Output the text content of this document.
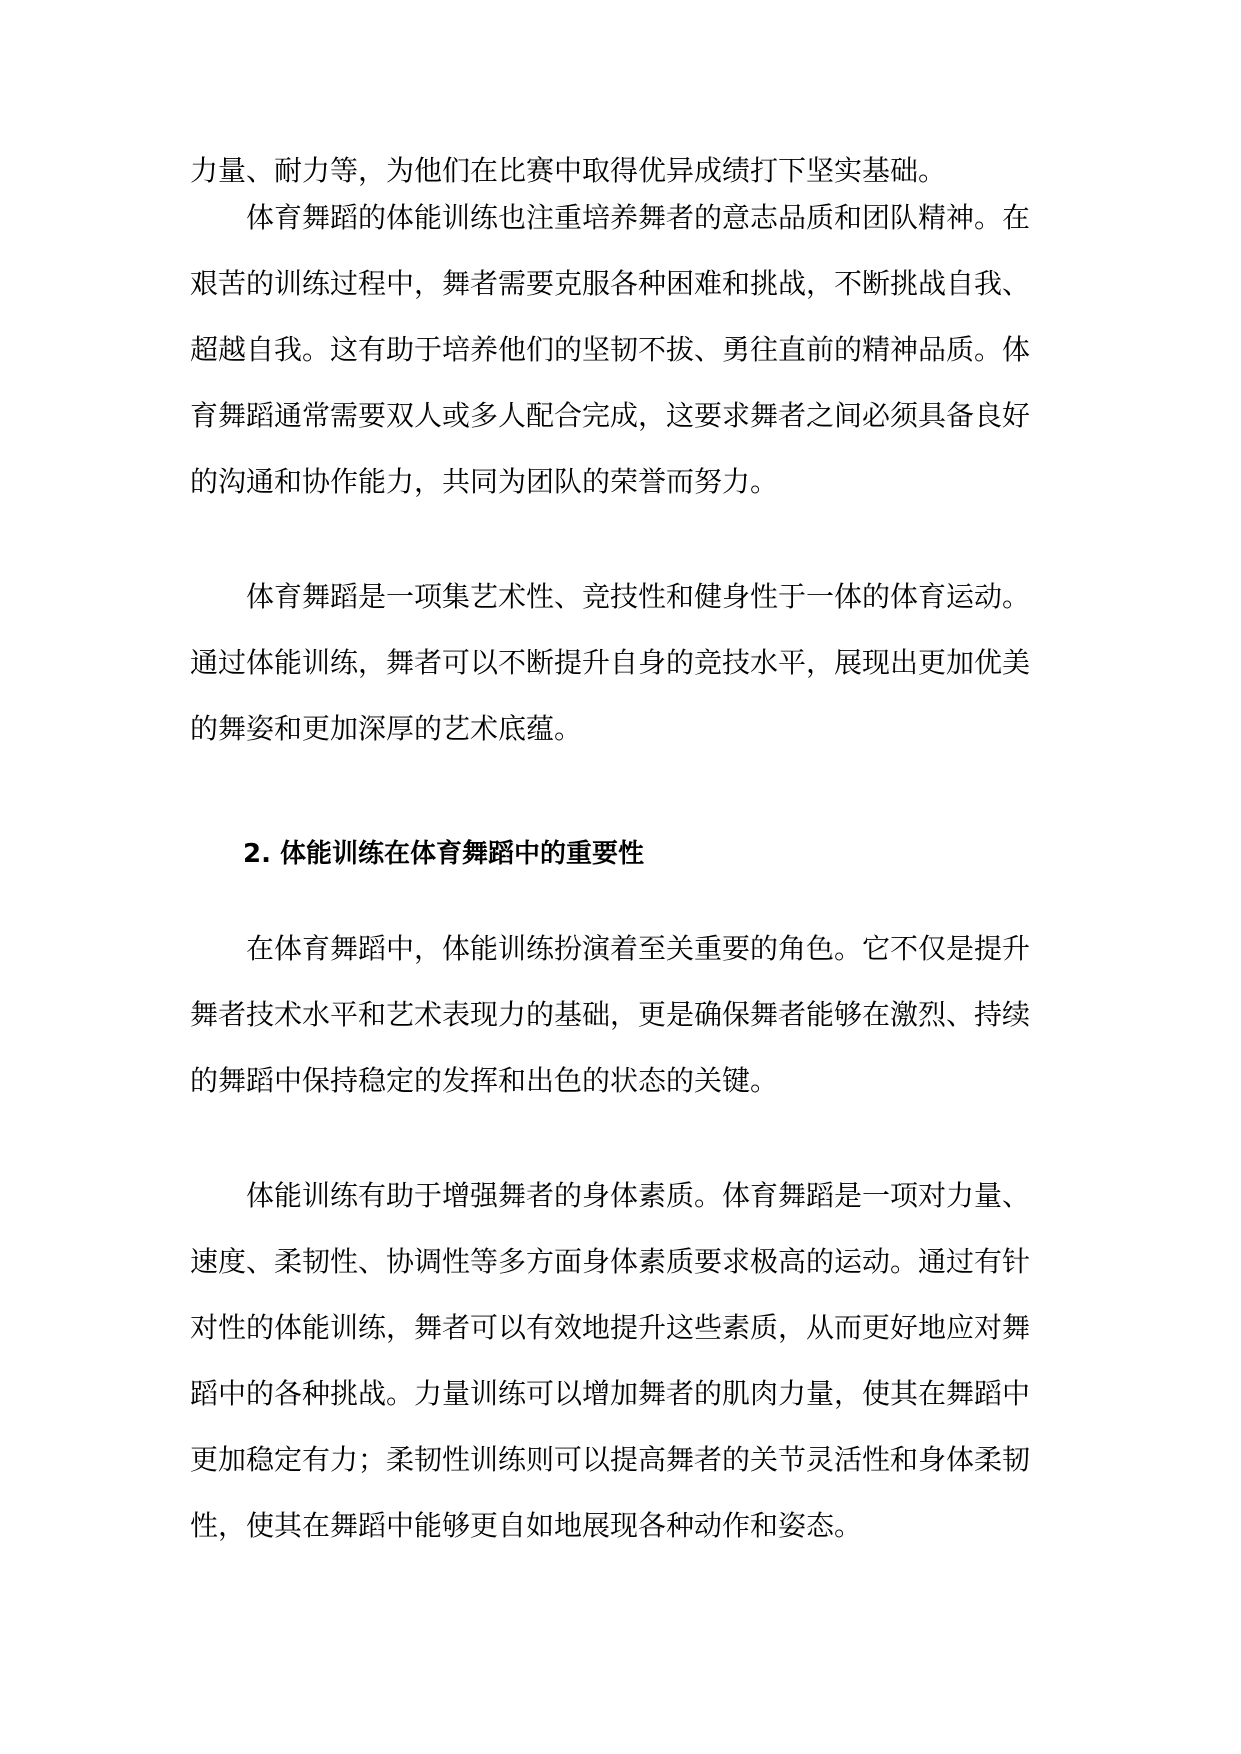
力量、耐力等，为他们在比赛中取得优异成绩打下坚实基础。
体育舞蹈的体能训练也注重培养舞者的意志品质和团队精神。在
艰苦的训练过程中，舞者需要克服各种困难和挑战，不断挑战自我、
超越自我。这有助于培养他们的坚韧不拔、勇往直前的精神品质。体
育舞蹈通常需要双人或多人配合完成，这要求舞者之间必须具备良好
的沟通和协作能力，共同为团队的荣誉而努力。
体育舞蹈是一项集艺术性、竞技性和健身性于一体的体育运动。
通过体能训练，舞者可以不断提升自身的竞技水平，展现出更加优美
的舞姿和更加深厚的艺术底蕴。
2. 体能训练在体育舞蹈中的重要性
在体育舞蹈中，体能训练扮演着至关重要的角色。它不仅是提升
舞者技术水平和艺术表现力的基础，更是确保舞者能够在激烈、持续
的舞蹈中保持稳定的发挥和出色的状态的关键。
体能训练有助于增强舞者的身体素质。体育舞蹈是一项对力量、
速度、柔韧性、协调性等多方面身体素质要求极高的运动。通过有针
对性的体能训练，舞者可以有效地提升这些素质，从而更好地应对舞
蹈中的各种挑战。力量训练可以增加舞者的肌肉力量，使其在舞蹈中
更加稳定有力；柔韧性训练则可以提高舞者的关节灵活性和身体柔韧
性，使其在舞蹈中能够更自如地展现各种动作和姿态。
